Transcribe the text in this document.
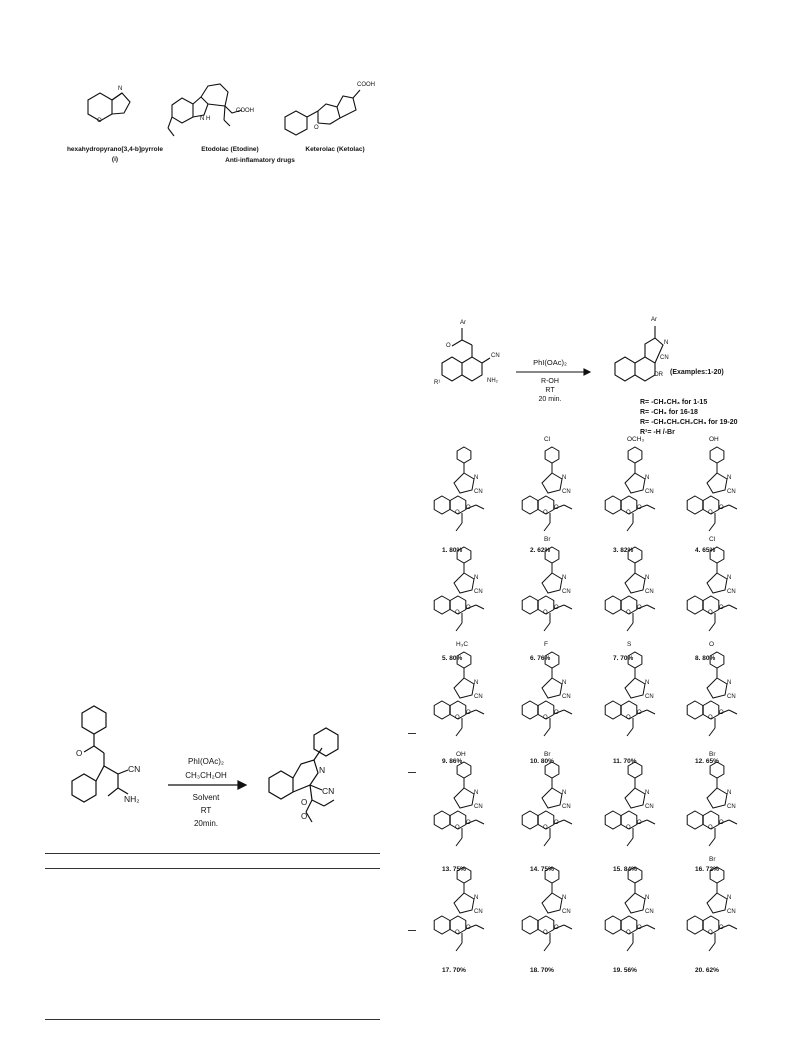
N
O
hexahydropyrano[3,4-b]pyrrole
(i)
COOH
N H
Etodolac (Etodine)
COOH
O
Keterolac (Ketolac)
Anti-inflamatory drugs
Ar
O
CN
NH₂
R¹
PhI(OAc)₂
R-OH
RT
20 min.
Ar
N
CN
OR (Examples:1-20)
R= -CH₂CH₃ for 1-15
R= -CH₃ for 16-18
R= -CH₂CH₂CH₂CH₃ for 19-20
R¹= -H /-Br
N
CN
O
O
1. 80%
N
CN
O
O
Cl
2. 62%
N
CN
O
O
OCH₃
3. 82%
N
CN
O
O
OH
4. 65%
N
CN
O
O
5. 80%
N
CN
O
O
Br
6. 76%
N
CN
O
O
7. 70%
N
CN
O
O
Cl
8. 80%
N
CN
O
O
H₃C
9. 86%
N
CN
O
O
F
10. 80%
N
CN
O
O
S
11. 70%
N
CN
O
O
O
12. 65%
N
CN
O
O
OH
13. 75%
N
CN
O
O
Br
14. 75%
N
CN
O
O
15. 84%
N
CN
O
O
Br
16. 72%
N
CN
O
O
17. 70%
N
CN
O
O
18. 70%
N
CN
O
O
19. 56%
N
CN
O
O
Br
20. 62%
O
CN
NH₂
PhI(OAc)₂
CH₃CH₂OH
Solvent
RT
20min.
N
CN
O
O
